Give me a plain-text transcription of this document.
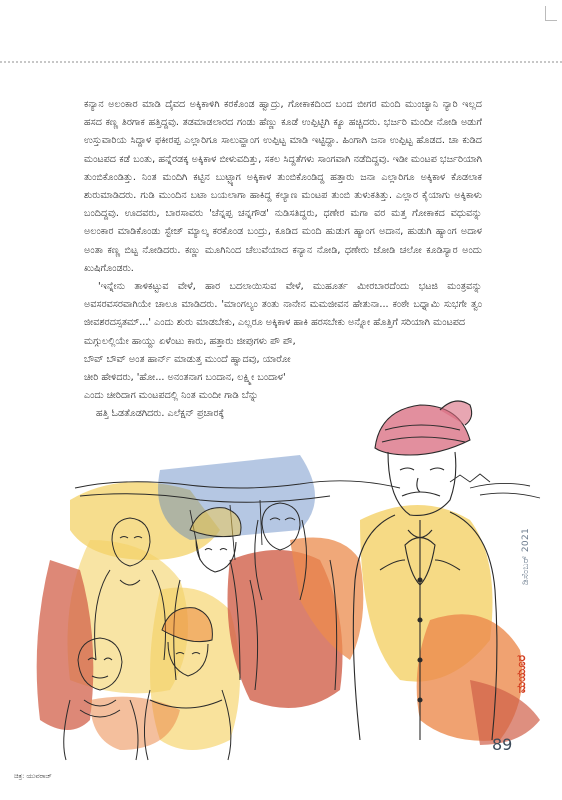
ಕನ್ಯಾನ ಅಲಂಕಾರ ಮಾಡಿ ದೈವದ ಅಕ್ಕಿಕಾಳಿಗಿ ಕರಕೊಂಡ ಹ್ವಾದ್ರು, ಗೋಕಾಕದಿಂದ ಬಂದ ಬೀಗರ ಮಂದಿ ಮುಂಚ್ಯಾನಿ ನ್ಯಾರಿ ಇಲ್ಲದ ಹಸದ ಕಣ್ಣ ತಿರಗಾಕ ಹತ್ತಿದ್ದವು. ತಡಮಾಡಲಾರದ ಗಂಡು ಹೆಣ್ಣು ಕೂಡೆ ಉಪ್ಪಿಟ್ಟಿಗಿ ಕ್ಯೂ ಹಚ್ಚಿದರು. ಭರ್ಜರಿ ಮಂದೀ ನೋಡಿ ಅಡುಗೆ ಉಸ್ತುವಾರಿಯ ಸಿದ್ದಾಳ ಫಕೀರಪ್ಪ ಎಲ್ಲಾರಿಗೂ ಸಾಲುವ್ಹಾಂಗ ಉಪ್ಪಿಟ್ಟ ಮಾಡಿ ಇಟ್ಟಿದ್ದಾ. ಹಿಂಗಾಗಿ ಜನಾ ಉಪ್ಪಿಟ್ಟ ಹೊಡದ. ಚಾ ಕುಡಿದ ಮಂಟಪದ ಕಡೆ ಬಂತು, ಹನ್ನೆರಡಕ್ಕ ಅಕ್ಕಿಕಾಳ ಬೀಳುವದಿತ್ತು, ಸಕಲ ಸಿದ್ದತೆಗಳು ಸಾಂಗವಾಗಿ ನಡೆದಿದ್ದವು. ಇಡೀ ಮಂಟಪ ಭರ್ಜರಿಯಾಗಿ ತುಂಬಿಕೊಂಡಿತ್ತು. ನಿಂತ ಮಂದಿಗಿ ಕಟ್ಟಿನ ಬುಟ್ಟ್ಯಾಗ ಅಕ್ಕಿಕಾಳ ತುಂಬಿಕೊಂಡಿದ್ದ ಹತ್ತಾರು ಜನಾ ಎಲ್ಲಾರಿಗೂ ಅಕ್ಕಿಕಾಳ ಕೊಡಲಾಕ ಶುರುಮಾಡಿದರು. ಗುಡಿ ಮುಂದಿನ ಬಟಾ ಬಯಲಾಗಾ ಹಾಕಿದ್ದ ಕಲ್ಯಾಣ ಮಂಟಪ ತುಂಬಿ ತುಳುಕತಿತ್ತು. ಎಲ್ಲಾರ ಕೈಯಾಗು ಅಕ್ಕಿಕಾಳು ಬಂದಿದ್ದವು. ಊದವರು, ಬಾರಸಾವರು 'ಚೆನ್ನಪ್ಪ ಚನ್ನಗೌಡ' ನುಡಿಸತಿದ್ದರು, ಧಣೇರ ಮಗಾ ವರ ಮತ್ತ ಗೋಕಾಕದ ವಧುವನ್ನು ಅಲಂಕಾರ ಮಾಡಿಕೊಂಡು ಸ್ಟೇಜ್ ಮ್ಯಾಲ್ಕ ಕರಕೊಂಡ ಬಂದ್ರು, ಕೂಡಿದ ಮಂದಿ ಹುಡುಗ ಹ್ಯಾಂಗ ಅದಾನ, ಹುಡುಗಿ ಹ್ಯಾಂಗ ಅದಾಳ ಅಂತಾ ಕಣ್ಣ ಬಿಟ್ಟ ನೋಡಿದರು. ಕಣ್ಣು ಮೂಗಿನಿಂದ ಚೆಲುವೆಯಾದ ಕನ್ಯಾನ ನೋಡಿ, ಧಣೇರು ಜೋಡಿ ಚಲೋ ಕೂಡಿಸ್ಯಾರ ಅಂದು ಖುಷಿಗೊಂಡರು.

'ಇನ್ನೇನು ತಾಳಿಕಟ್ಟುವ ವೇಳೆ, ಹಾರ ಬದಲಾಯಿಸುವ ವೇಳೆ, ಮುಹೂರ್ತ ಮೀರಬಾರದೆಂದು ಭಟಜಿ ಮಂತ್ರವನ್ನು ಅವಸರವಸರವಾಗಿಯೇ ಚಾಲೂ ಮಾಡಿದರು. 'ಮಾಂಗಲ್ಯಂ ತಂತು ನಾನೇನ ಮಮಜೀವನ ಹೇತುನಾ... ಕಂಠೇ ಬಧ್ನಾಮಿ ಸುಭಗೇ ತ್ವಂ ಜೀವಶರದಸ್ಸತಮ್...' ಎಂದು ಶುರು ಮಾಡಬೇಕು, ಎಲ್ಲರೂ ಅಕ್ಕಿಕಾಳ ಹಾಕಿ ಹರಸಬೇಕು ಅನ್ನೋ ಹೊತ್ತಿಗೆ ಸರಿಯಾಗಿ ಮಂಟಪದ

ಮಗ್ಗುಲಲ್ಲಿಯೇ ಹಾಯ್ದು ಏಳೆಂಟು ಕಾರು, ಹತ್ತಾರು ಜೀಪುಗಳು ಪೌ ಪೌ,
ಬೌವ್ ಬೌವ್ ಅಂತ ಹಾರ್ನ್ ಮಾಡುತ್ತ ಮುಂದೆ ಹ್ವಾದವು, ಯಾರೋ
ಚೀರಿ ಹೇಳಿದರು, 'ಹೋ... ಅನಂತನಾಗ ಬಂದಾನ, ಲಕ್ಷ್ಮೀ ಬಂದಾಳ'
ಎಂದು ಚೀರಿದಾಗ ಮಂಟಪದಲ್ಲಿ ನಿಂತ ಮಂದೀ ಗಾಡಿ ಬೆನ್ನು
ಹತ್ತಿ ಓಡತೊಡಗಿದರು. ಎಲೆಕ್ಷನ್ ಪ್ರಚಾರಕ್ಕೆ
ಡಿಸೆಂಬರ್ 2021
ಮಯೂರ
89
ಚಿತ್ರ: ಯುವರಾಜ್
